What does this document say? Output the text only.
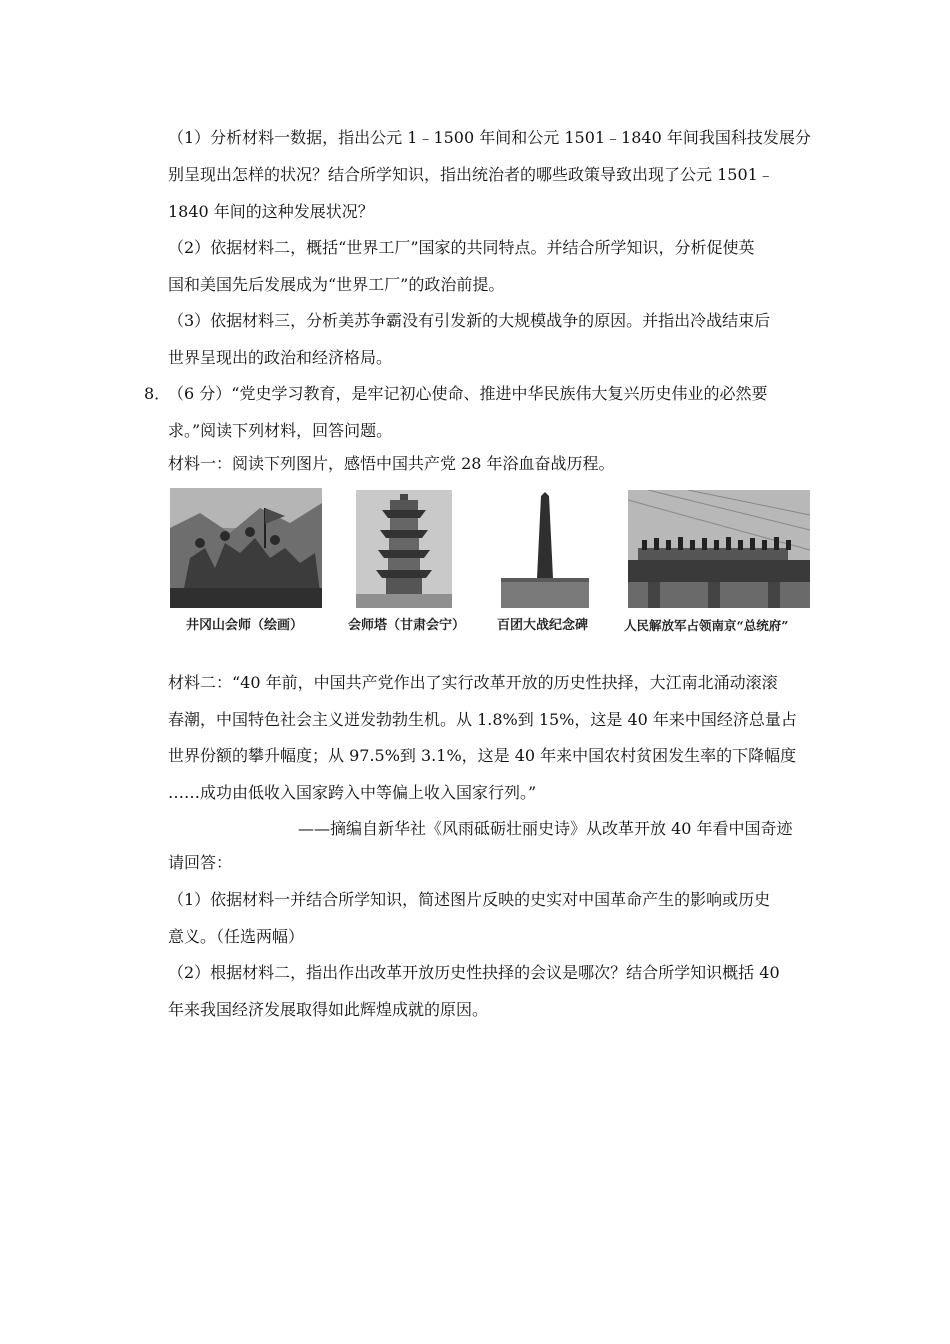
（1）分析材料一数据，指出公元 1﹣1500 年间和公元 1501﹣1840 年间我国科技发展分
别呈现出怎样的状况？结合所学知识，指出统治者的哪些政策导致出现了公元 1501﹣
1840 年间的这种发展状况？
（2）依据材料二，概括“世界工厂”国家的共同特点。并结合所学知识，分析促使英
国和美国先后发展成为“世界工厂”的政治前提。
（3）依据材料三，分析美苏争霸没有引发新的大规模战争的原因。并指出冷战结束后
世界呈现出的政治和经济格局。
8．
（6 分）“党史学习教育，是牢记初心使命、推进中华民族伟大复兴历史伟业的必然要
求。”阅读下列材料，回答问题。
材料一：阅读下列图片，感悟中国共产党 28 年浴血奋战历程。
井冈山会师（绘画）	会师塔（甘肃会宁） 百团大战纪念碑	人民解放军占领南京“总统府”
材料二：“40 年前，中国共产党作出了实行改革开放的历史性抉择，大江南北涌动滚滚
春潮，中国特色社会主义迸发勃勃生机。从 1.8%到 15%，这是 40 年来中国经济总量占
世界份额的攀升幅度；从 97.5%到 3.1%，这是 40 年来中国农村贫困发生率的下降幅度
……成功由低收入国家跨入中等偏上收入国家行列。”
——摘编自新华社《风雨砥砺壮丽史诗》从改革开放 40 年看中国奇迹
请回答：
（1）依据材料一并结合所学知识，简述图片反映的史实对中国革命产生的影响或历史
意义。（任选两幅）
（2）根据材料二，指出作出改革开放历史性抉择的会议是哪次？结合所学知识概括 40
年来我国经济发展取得如此辉煌成就的原因。
